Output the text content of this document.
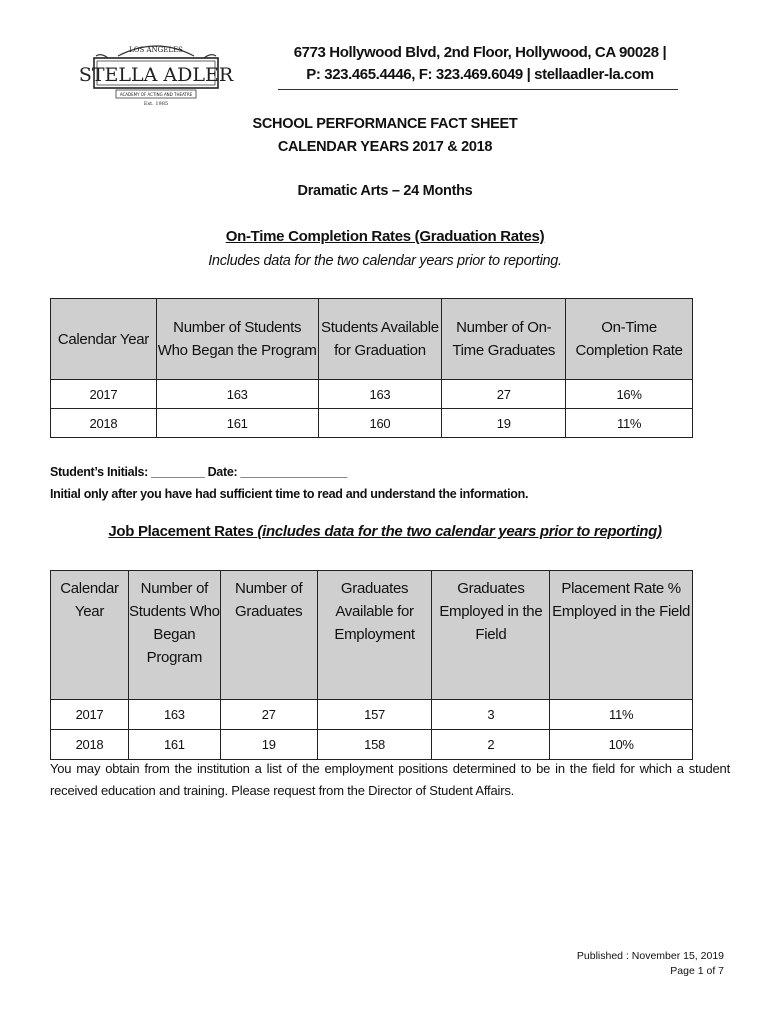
LOS ANGELES
STELLA ADLER
ACADEMY OF ACTING AND THEATRE
Est. 1985
6773 Hollywood Blvd, 2nd Floor, Hollywood, CA 90028 |
P: 323.465.4446, F: 323.469.6049 | stellaadler-la.com
SCHOOL PERFORMANCE FACT SHEET
CALENDAR YEARS 2017 & 2018
Dramatic Arts – 24 Months
On-Time Completion Rates (Graduation Rates)
Includes data for the two calendar years prior to reporting.
Calendar Year	Number of Students Who Began the Program	Students Available for Graduation	Number of On-Time Graduates	On-Time Completion Rate
2017	163	163	27	16%
2018	161	160	19	11%
Student’s Initials: ________ Date: ________________
Initial only after you have had sufficient time to read and understand the information.
Job Placement Rates (includes data for the two calendar years prior to reporting)
Calendar Year	Number of Students Who Began Program	Number of Graduates	Graduates Available for Employment	Graduates Employed in the Field	Placement Rate % Employed in the Field
2017	163	27	157	3	11%
2018	161	19	158	2	10%
You may obtain from the institution a list of the employment positions determined to be in the field for which a student received education and training. Please request from the Director of Student Affairs.
Published : November 15, 2019
Page 1 of 7
